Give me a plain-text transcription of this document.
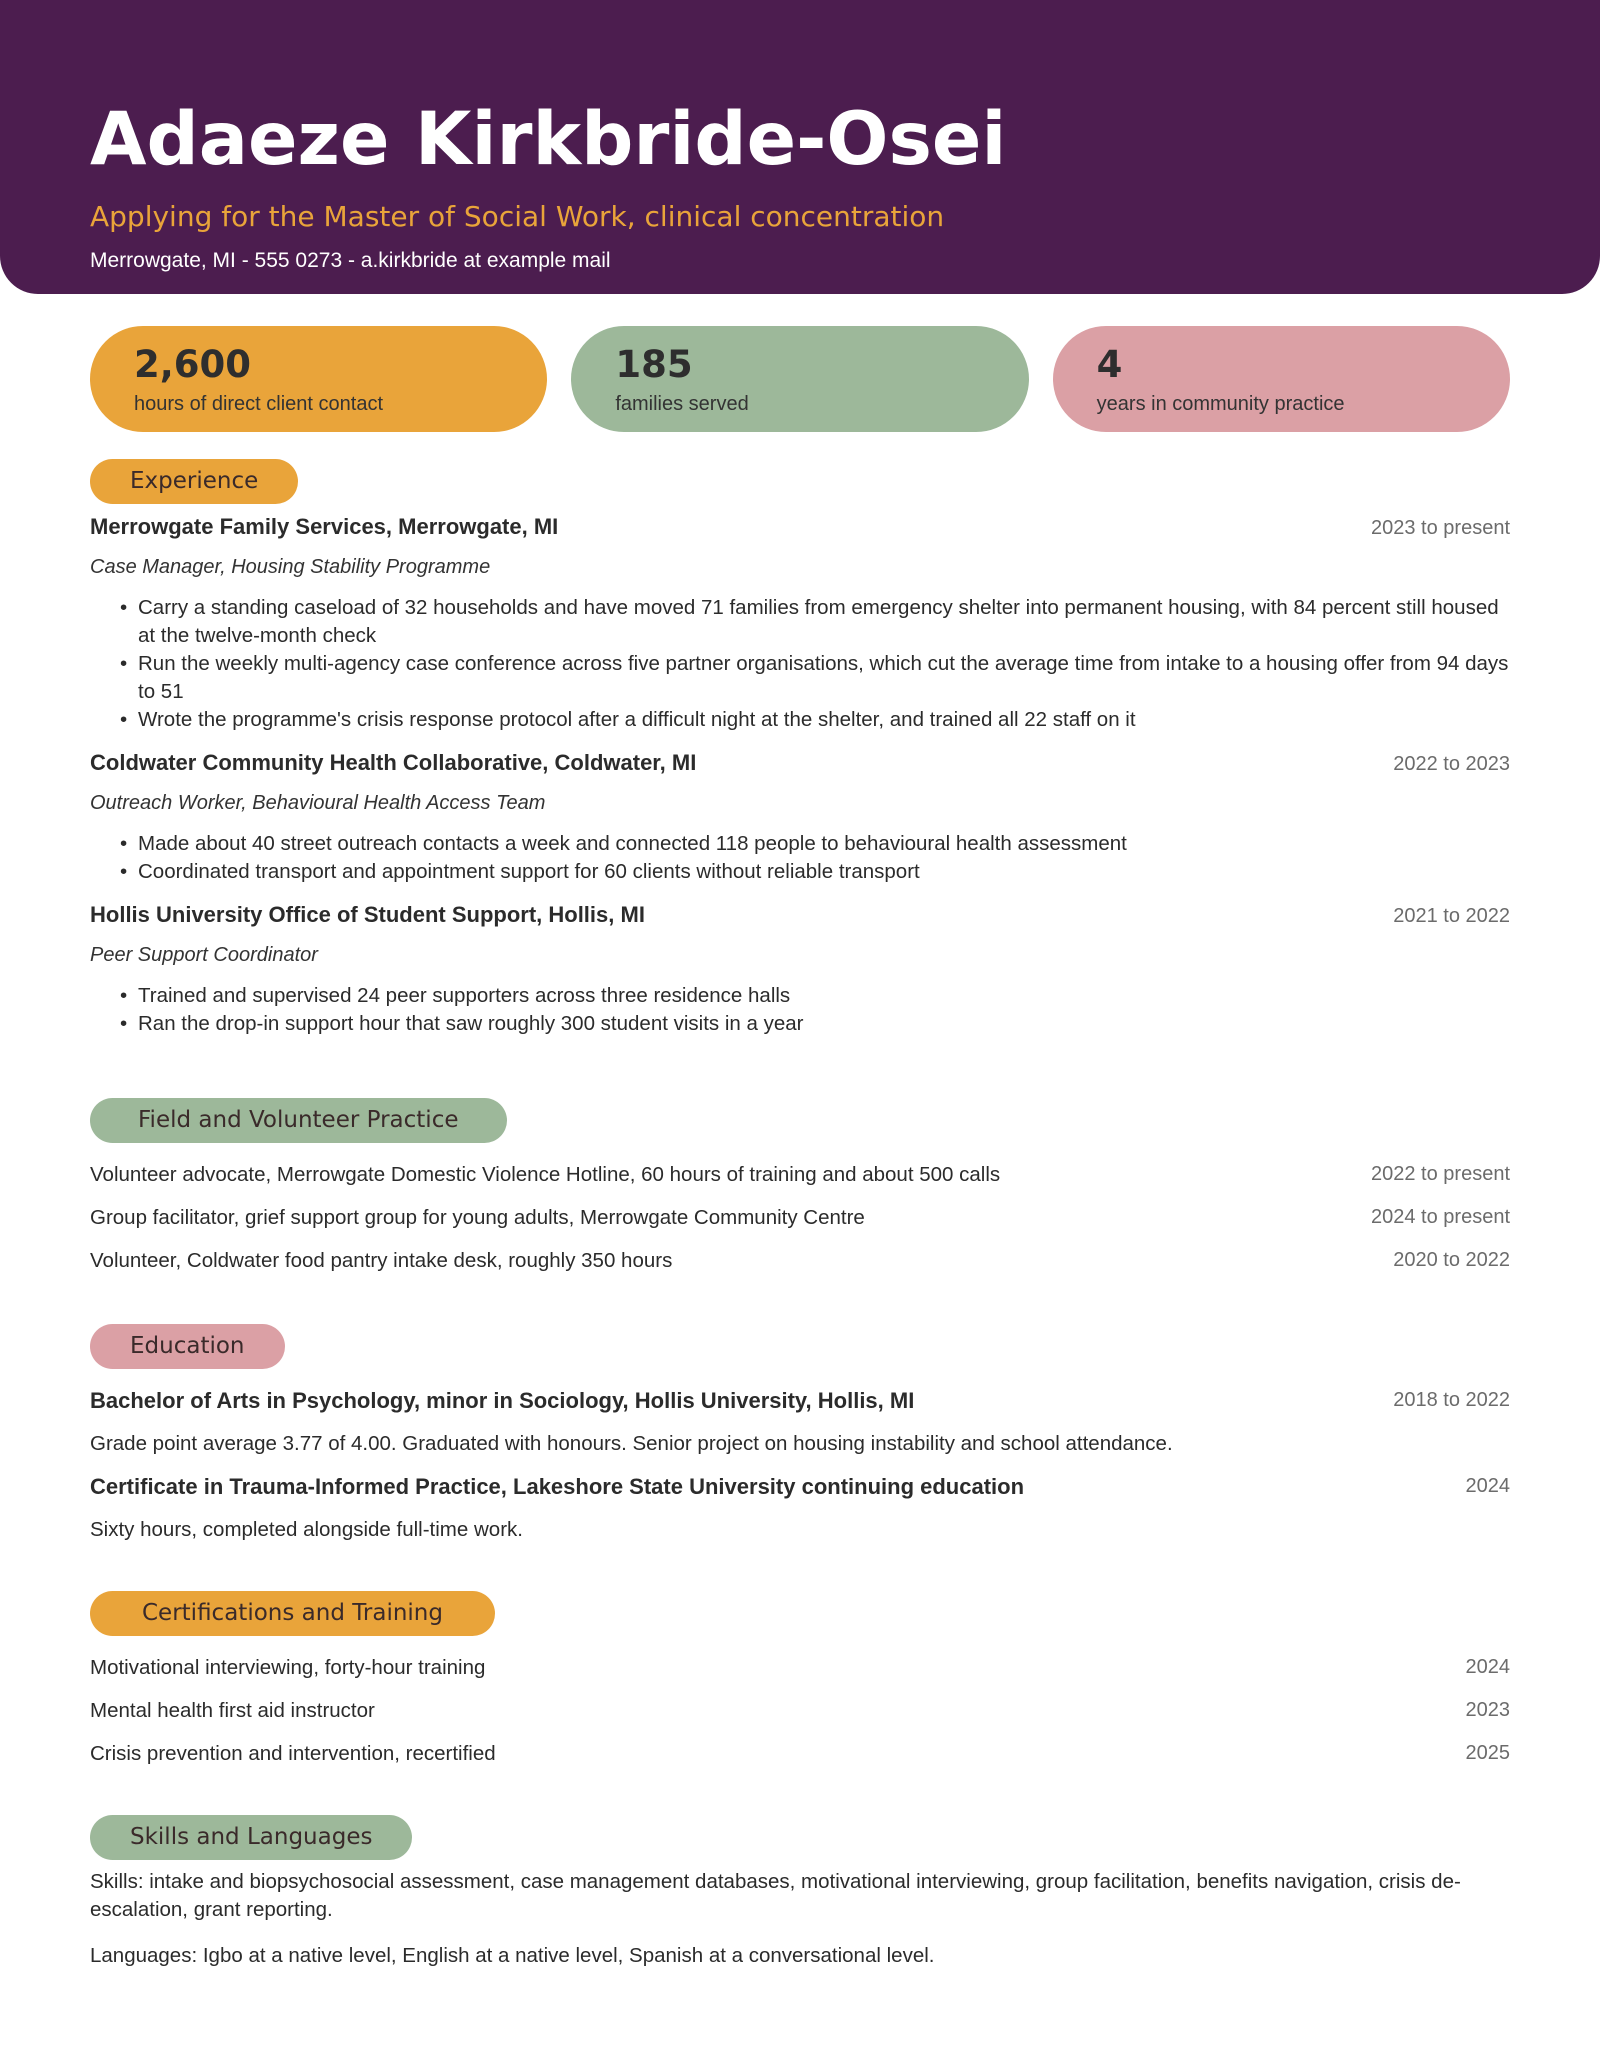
Adaeze Kirkbride-Osei
Applying for the Master of Social Work, clinical concentration
Merrowgate, MI - 555 0273 - a.kirkbride at example mail
2,600
hours of direct client contact
185
families served
4
years in community practice
Experience
Merrowgate Family Services, Merrowgate, MI	2023 to present
Case Manager, Housing Stability Programme
• Carry a standing caseload of 32 households and have moved 71 families from emergency shelter into permanent housing, with 84 percent still housed at the twelve-month check
• Run the weekly multi-agency case conference across five partner organisations, which cut the average time from intake to a housing offer from 94 days to 51
• Wrote the programme's crisis response protocol after a difficult night at the shelter, and trained all 22 staff on it
Coldwater Community Health Collaborative, Coldwater, MI	2022 to 2023
Outreach Worker, Behavioural Health Access Team
• Made about 40 street outreach contacts a week and connected 118 people to behavioural health assessment
• Coordinated transport and appointment support for 60 clients without reliable transport
Hollis University Office of Student Support, Hollis, MI	2021 to 2022
Peer Support Coordinator
• Trained and supervised 24 peer supporters across three residence halls
• Ran the drop-in support hour that saw roughly 300 student visits in a year
Field and Volunteer Practice
Volunteer advocate, Merrowgate Domestic Violence Hotline, 60 hours of training and about 500 calls	2022 to present
Group facilitator, grief support group for young adults, Merrowgate Community Centre	2024 to present
Volunteer, Coldwater food pantry intake desk, roughly 350 hours	2020 to 2022
Education
Bachelor of Arts in Psychology, minor in Sociology, Hollis University, Hollis, MI	2018 to 2022
Grade point average 3.77 of 4.00. Graduated with honours. Senior project on housing instability and school attendance.
Certificate in Trauma-Informed Practice, Lakeshore State University continuing education	2024
Sixty hours, completed alongside full-time work.
Certifications and Training
Motivational interviewing, forty-hour training	2024
Mental health first aid instructor	2023
Crisis prevention and intervention, recertified	2025
Skills and Languages
Skills: intake and biopsychosocial assessment, case management databases, motivational interviewing, group facilitation, benefits navigation, crisis de-escalation, grant reporting.
Languages: Igbo at a native level, English at a native level, Spanish at a conversational level.
